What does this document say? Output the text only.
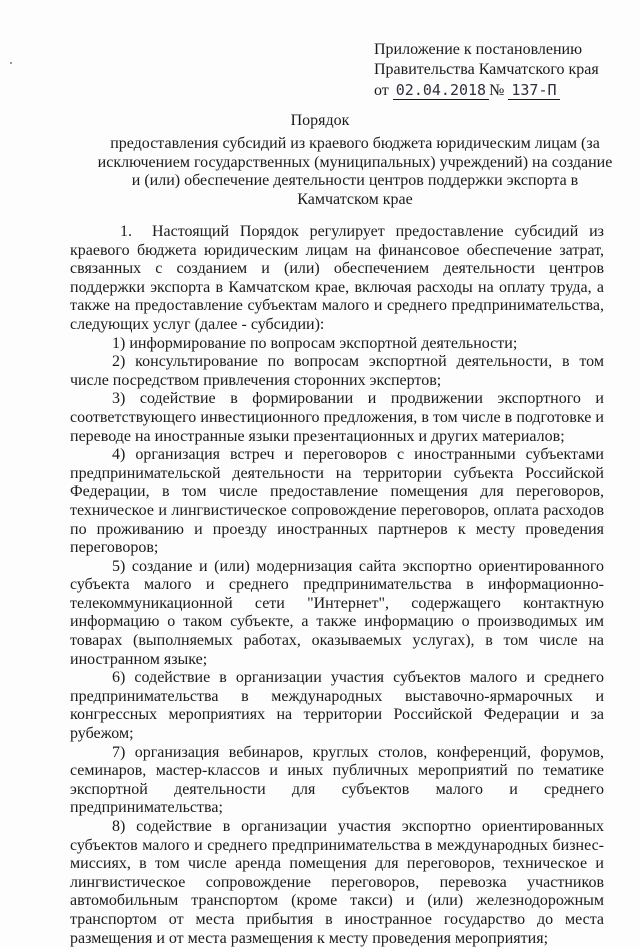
Приложение к постановлению
Правительства Камчатского края
от 02.04.2018 № 137-П
Порядок
предоставления субсидий из краевого бюджета юридическим лицам (за исключением государственных (муниципальных) учреждений) на создание и (или) обеспечение деятельности центров поддержки экспорта в Камчатском крае

1. Настоящий Порядок регулирует предоставление субсидий из краевого бюджета юридическим лицам на финансовое обеспечение затрат, связанных с созданием и (или) обеспечением деятельности центров поддержки экспорта в Камчатском крае, включая расходы на оплату труда, а также на предоставление субъектам малого и среднего предпринимательства, следующих услуг (далее - субсидии):

1) информирование по вопросам экспортной деятельности;

2) консультирование по вопросам экспортной деятельности, в том числе посредством привлечения сторонних экспертов;

3) содействие в формировании и продвижении экспортного и соответствующего инвестиционного предложения, в том числе в подготовке и переводе на иностранные языки презентационных и других материалов;

4) организация встреч и переговоров с иностранными субъектами предпринимательской деятельности на территории субъекта Российской Федерации, в том числе предоставление помещения для переговоров, техническое и лингвистическое сопровождение переговоров, оплата расходов по проживанию и проезду иностранных партнеров к месту проведения переговоров;

5) создание и (или) модернизация сайта экспортно ориентированного субъекта малого и среднего предпринимательства в информационно-телекоммуникационной сети "Интернет", содержащего контактную информацию о таком субъекте, а также информацию о производимых им товарах (выполняемых работах, оказываемых услугах), в том числе на иностранном языке;

6) содействие в организации участия субъектов малого и среднего предпринимательства в международных выставочно-ярмарочных и конгрессных мероприятиях на территории Российской Федерации и за рубежом;

7) организация вебинаров, круглых столов, конференций, форумов, семинаров, мастер-классов и иных публичных мероприятий по тематике экспортной деятельности для субъектов малого и среднего предпринимательства;

8) содействие в организации участия экспортно ориентированных субъектов малого и среднего предпринимательства в международных бизнес-миссиях, в том числе аренда помещения для переговоров, техническое и лингвистическое сопровождение переговоров, перевозка участников автомобильным транспортом (кроме такси) и (или) железнодорожным транспортом от места прибытия в иностранное государство до места размещения и от места размещения к месту проведения мероприятия;
